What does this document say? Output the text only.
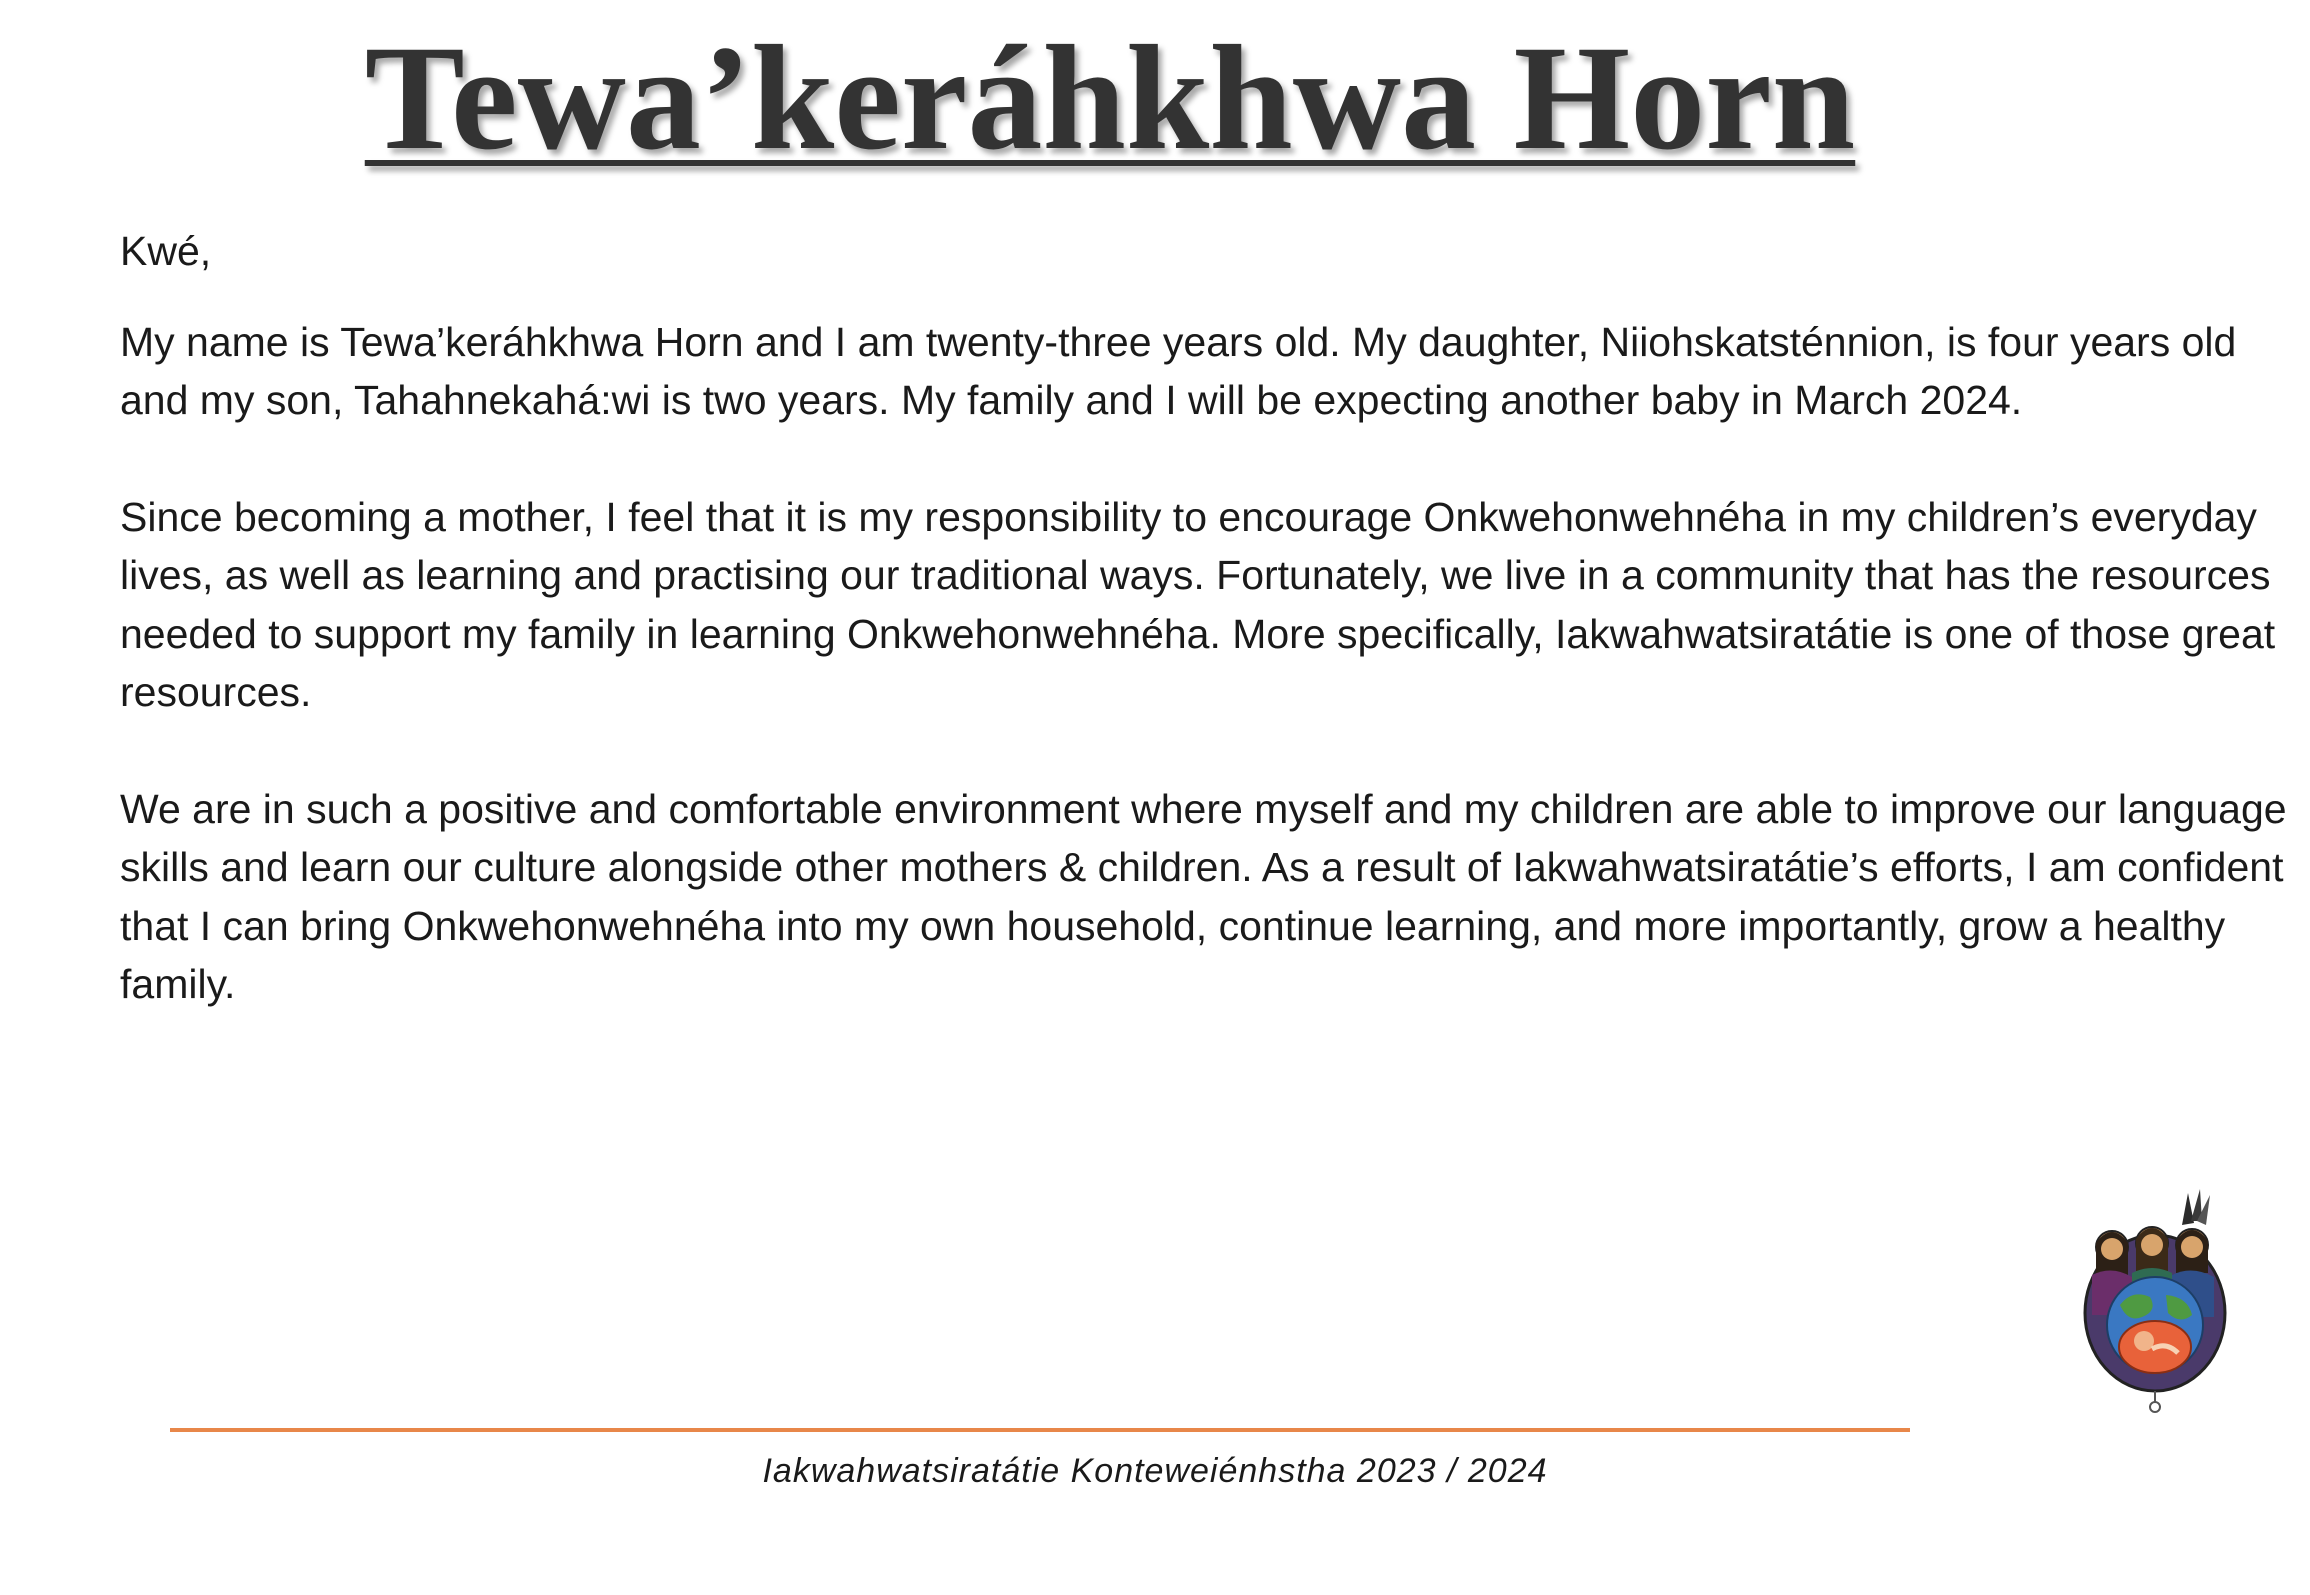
Tewa’keráhkhwa Horn

Kwé,

My name is Tewa’keráhkhwa Horn and I am twenty-three years old. My daughter, Niiohskatsténnion, is four years old and my son, Tahahnekahá:wi is two years. My family and I will be expecting another baby in March 2024.

Since becoming a mother, I feel that it is my responsibility to encourage Onkwehonwehnéha in my children’s everyday lives, as well as learning and practising our traditional ways. Fortunately, we live in a community that has the resources needed to support my family in learning Onkwehonwehnéha. More specifically, Iakwahwatsiratátie is one of those great resources.

We are in such a positive and comfortable environment where myself and my children are able to improve our language skills and learn our culture alongside other mothers & children. As a result of Iakwahwatsiratátie’s efforts, I am confident that I can bring Onkwehonwehnéha into my own household, continue learning, and more importantly, grow a healthy family.

Iakwahwatsiratátie Konteweiénhstha 2023 / 2024
